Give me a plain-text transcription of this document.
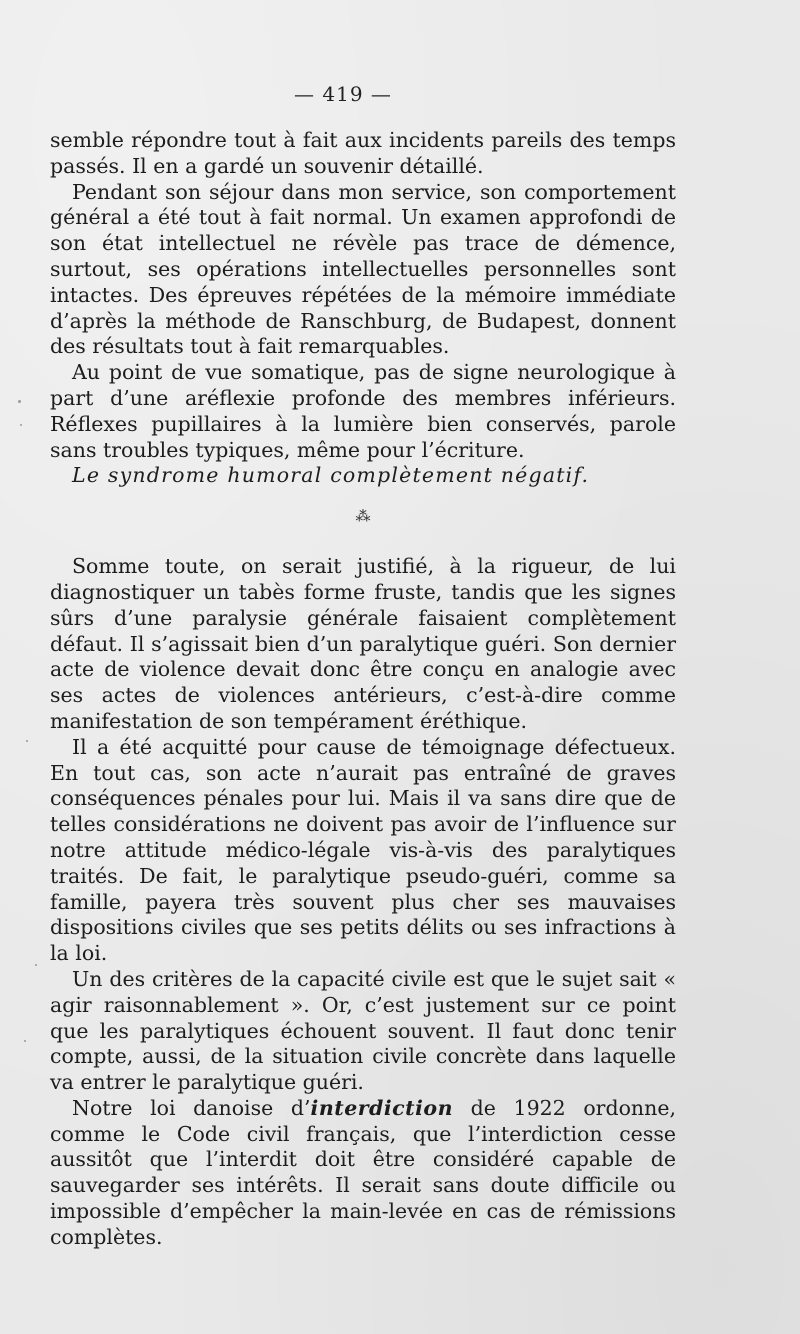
— 419 —

semble répondre tout à fait aux incidents pareils des temps passés. Il en a gardé un souvenir détaillé.

Pendant son séjour dans mon service, son comportement général a été tout à fait normal. Un examen approfondi de son état intellectuel ne révèle pas trace de démence, surtout, ses opérations intellectuelles personnelles sont intactes. Des épreuves répétées de la mémoire immédiate d’après la méthode de Ranschburg, de Budapest, donnent des résultats tout à fait remarquables.

Au point de vue somatique, pas de signe neurologique à part d’une aréflexie profonde des membres inférieurs. Réflexes pupillaires à la lumière bien conservés, parole sans troubles typiques, même pour l’écriture.

Le syndrome humoral complètement négatif.

⁂

Somme toute, on serait justifié, à la rigueur, de lui diagnostiquer un tabès forme fruste, tandis que les signes sûrs d’une paralysie générale faisaient complètement défaut. Il s’agissait bien d’un paralytique guéri. Son dernier acte de violence devait donc être conçu en analogie avec ses actes de violences antérieurs, c’est-à-dire comme manifestation de son tempérament éréthique.

Il a été acquitté pour cause de témoignage défectueux. En tout cas, son acte n’aurait pas entraîné de graves conséquences pénales pour lui. Mais il va sans dire que de telles considérations ne doivent pas avoir de l’influence sur notre attitude médico-légale vis-à-vis des paralytiques traités. De fait, le paralytique pseudo-guéri, comme sa famille, payera très souvent plus cher ses mauvaises dispositions civiles que ses petits délits ou ses infractions à la loi.

Un des critères de la capacité civile est que le sujet sait « agir raisonnablement ». Or, c’est justement sur ce point que les paralytiques échouent souvent. Il faut donc tenir compte, aussi, de la situation civile concrète dans laquelle va entrer le paralytique guéri.

Notre loi danoise d’interdiction de 1922 ordonne, comme le Code civil français, que l’interdiction cesse aussitôt que l’interdit doit être considéré capable de sauvegarder ses intérêts. Il serait sans doute difficile ou impossible d’empêcher la main-levée en cas de rémissions complètes.
